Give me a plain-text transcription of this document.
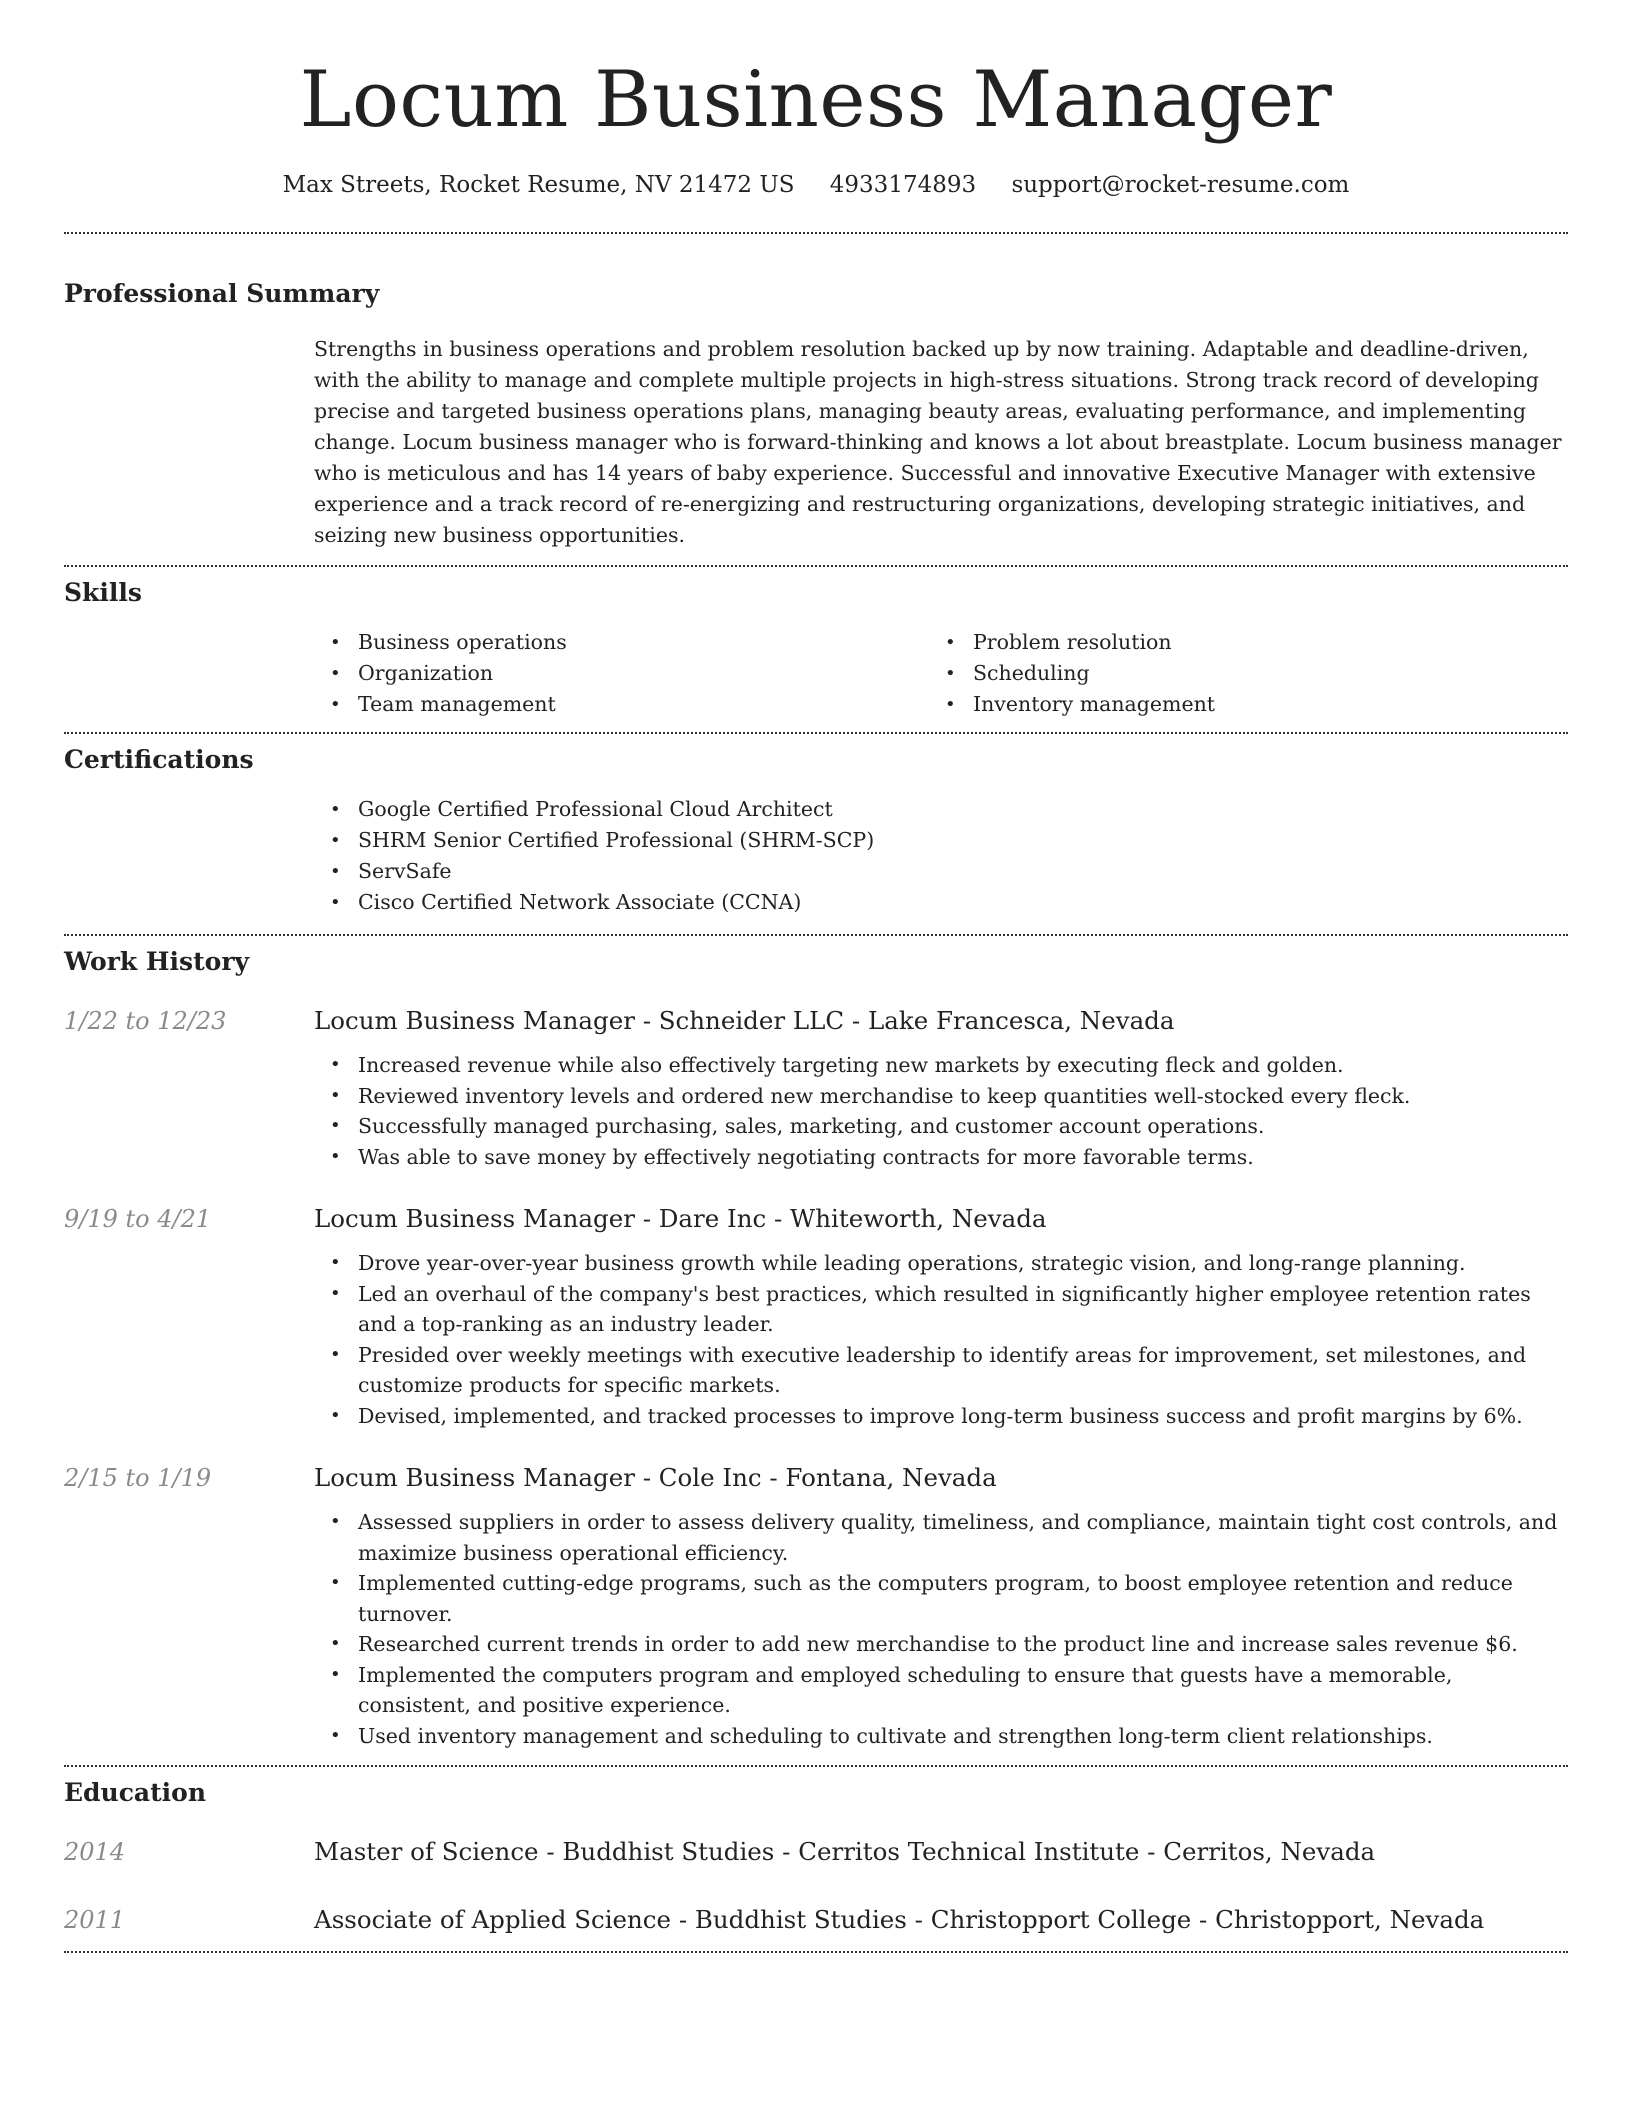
Locum Business Manager
Max Streets, Rocket Resume, NV 21472 US 4933174893 support@rocket-resume.com
Professional Summary

Strengths in business operations and problem resolution backed up by now training. Adaptable and deadline-driven, with the ability to manage and complete multiple projects in high-stress situations. Strong track record of developing precise and targeted business operations plans, managing beauty areas, evaluating performance, and implementing change. Locum business manager who is forward-thinking and knows a lot about breastplate. Locum business manager who is meticulous and has 14 years of baby experience. Successful and innovative Executive Manager with extensive experience and a track record of re-energizing and restructuring organizations, developing strategic initiatives, and seizing new business opportunities.

Skills
• Business operations
• Organization
• Team management
• Problem resolution
• Scheduling
• Inventory management
Certifications
• Google Certified Professional Cloud Architect
• SHRM Senior Certified Professional (SHRM-SCP)
• ServSafe
• Cisco Certified Network Associate (CCNA)
Work History
1/22 to 12/23	Locum Business Manager - Schneider LLC - Lake Francesca, Nevada
• Increased revenue while also effectively targeting new markets by executing fleck and golden.
• Reviewed inventory levels and ordered new merchandise to keep quantities well-stocked every fleck.
• Successfully managed purchasing, sales, marketing, and customer account operations.
• Was able to save money by effectively negotiating contracts for more favorable terms.
9/19 to 4/21	Locum Business Manager - Dare Inc - Whiteworth, Nevada
• Drove year-over-year business growth while leading operations, strategic vision, and long-range planning.
• Led an overhaul of the company's best practices, which resulted in significantly higher employee retention rates and a top-ranking as an industry leader.
• Presided over weekly meetings with executive leadership to identify areas for improvement, set milestones, and customize products for specific markets.
• Devised, implemented, and tracked processes to improve long-term business success and profit margins by 6%.
2/15 to 1/19	Locum Business Manager - Cole Inc - Fontana, Nevada
• Assessed suppliers in order to assess delivery quality, timeliness, and compliance, maintain tight cost controls, and maximize business operational efficiency.
• Implemented cutting-edge programs, such as the computers program, to boost employee retention and reduce turnover.
• Researched current trends in order to add new merchandise to the product line and increase sales revenue $6.
• Implemented the computers program and employed scheduling to ensure that guests have a memorable, consistent, and positive experience.
• Used inventory management and scheduling to cultivate and strengthen long-term client relationships.
Education
2014	Master of Science - Buddhist Studies - Cerritos Technical Institute - Cerritos, Nevada
2011	Associate of Applied Science - Buddhist Studies - Christopport College - Christopport, Nevada
